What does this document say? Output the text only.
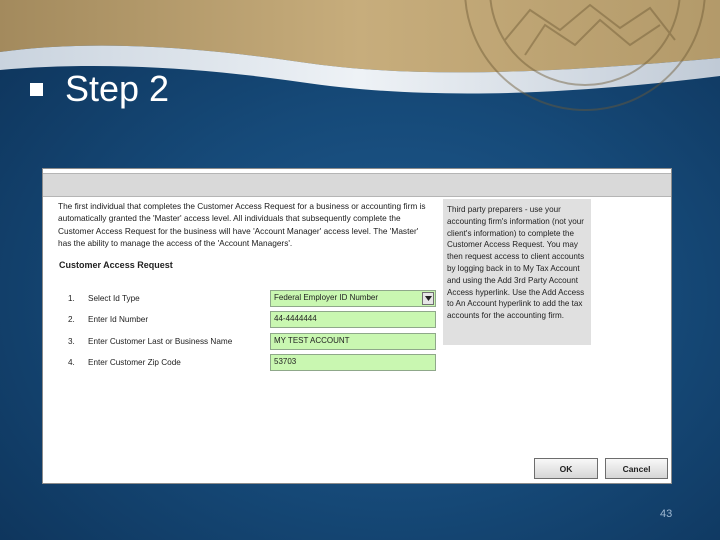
Step 2
The first individual that completes the Customer Access Request for a business or accounting firm is automatically granted the 'Master' access level. All individuals that subsequently complete the Customer Access Request for the business will have 'Account Manager' access level. The 'Master' has the ability to manage the access of the 'Account Managers'.
Third party preparers - use your accounting firm's information (not your client's information) to complete the Customer Access Request. You may then request access to client accounts by logging back in to My Tax Account and using the Add 3rd Party Account Access hyperlink. Use the Add Access to An Account hyperlink to add the tax accounts for the accounting firm.
Customer Access Request
1. Select Id Type	Federal Employer ID Number
2. Enter Id Number	44-4444444
3. Enter Customer Last or Business Name	MY TEST ACCOUNT
4. Enter Customer Zip Code	53703
OK	Cancel
43
